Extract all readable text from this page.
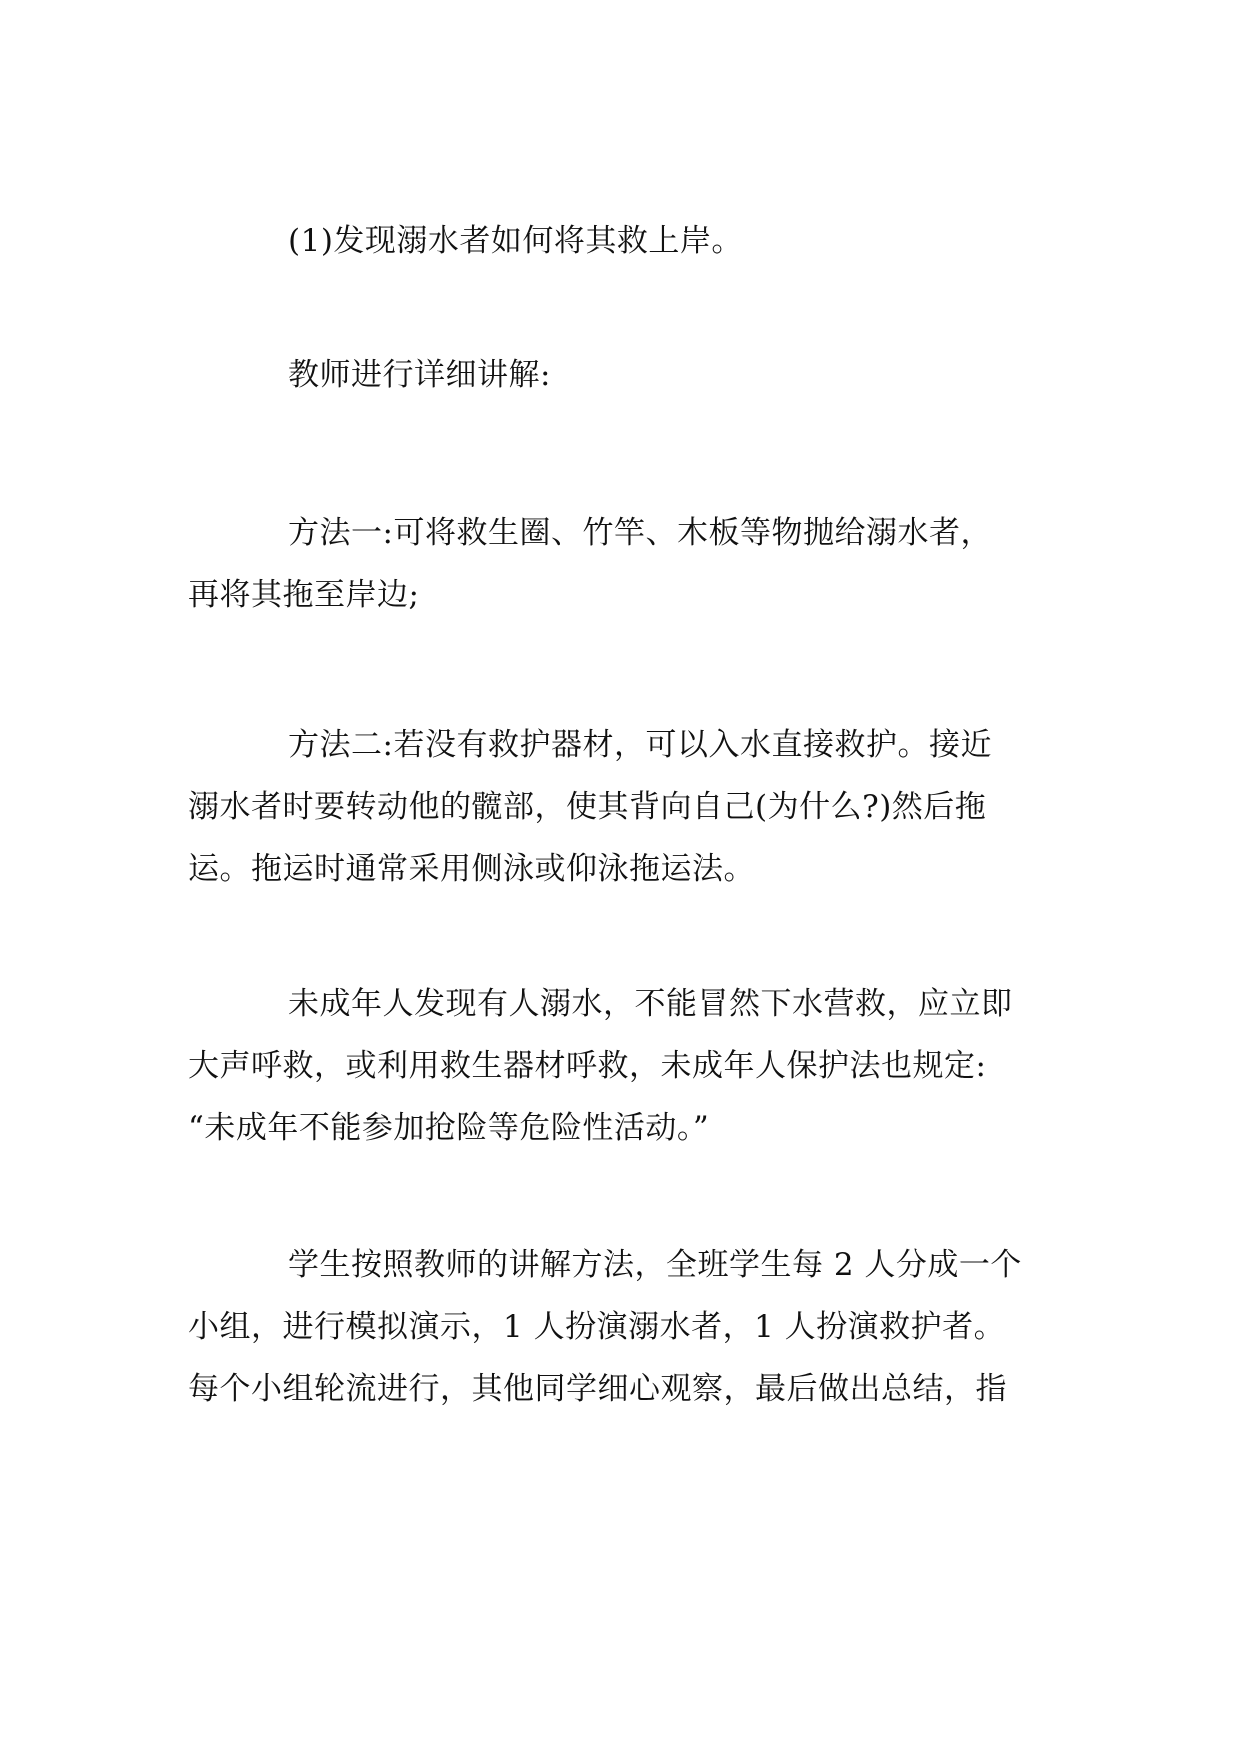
(1)发现溺水者如何将其救上岸。
教师进行详细讲解:
方法一:可将救生圈、竹竿、木板等物抛给溺水者，
再将其拖至岸边;
方法二:若没有救护器材，可以入水直接救护。接近
溺水者时要转动他的髋部，使其背向自己(为什么?)然后拖
运。拖运时通常采用侧泳或仰泳拖运法。
未成年人发现有人溺水，不能冒然下水营救，应立即
大声呼救，或利用救生器材呼救，未成年人保护法也规定:
“未成年不能参加抢险等危险性活动。”
学生按照教师的讲解方法，全班学生每 2 人分成一个
小组，进行模拟演示，1 人扮演溺水者，1 人扮演救护者。
每个小组轮流进行，其他同学细心观察，最后做出总结，指
